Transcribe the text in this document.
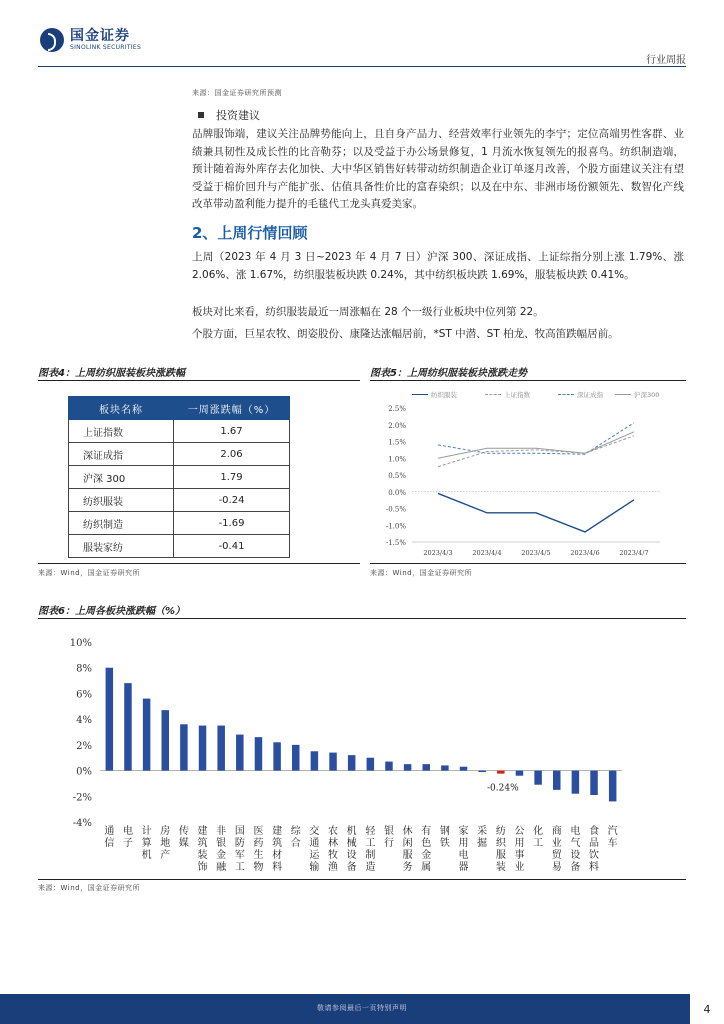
国金证券
SINOLINK SECURITIES
行业周报
来源：国金证券研究所预测
投资建议
品牌服饰端，建议关注品牌势能向上，且自身产品力、经营效率行业领先的李宁；定位高端男性客群、业绩兼具韧性及成长性的比音勒芬；以及受益于办公场景修复，1 月流水恢复领先的报喜鸟。纺织制造端，预计随着海外库存去化加快、大中华区销售好转带动纺织制造企业订单逐月改善，个股方面建议关注有望受益于棉价回升与产能扩张、估值具备性价比的富春染织；以及在中东、非洲市场份额领先、数智化产线改革带动盈利能力提升的毛毯代工龙头真爱美家。
2、上周行情回顾
上周（2023 年 4 月 3 日~2023 年 4 月 7 日）沪深 300、深证成指、上证综指分别上涨 1.79%、涨 2.06%、涨 1.67%，纺织服装板块跌 0.24%，其中纺织板块跌 1.69%，服装板块跌 0.41%。
板块对比来看，纺织服装最近一周涨幅在 28 个一级行业板块中位列第 22。
个股方面，巨星农牧、朗姿股份、康隆达涨幅居前，*ST 中潜、ST 柏龙、牧高笛跌幅居前。
图表4：上周纺织服装板块涨跌幅
板块名称	一周涨跌幅（%）
上证指数	1.67
深证成指	2.06
沪深 300	1.79
纺织服装	-0.24
纺织制造	-1.69
服装家纺	-0.41
来源：Wind，国金证券研究所
图表5：上周纺织服装板块涨跌走势
纺织服装	上证指数	深证成指	沪深300
2.5%
2.0%
1.5%
1.0%
0.5%
0.0%
-0.5%
-1.0%
-1.5%
2023/4/3	2023/4/4	2023/4/5	2023/4/6	2023/4/7
来源：Wind，国金证券研究所
图表6：上周各板块涨跌幅（%）
10%
8%
6%
4%
2%
0%
-2%
-4%
通
信
电
子
计
算
机
房
地
产
传
媒
建
筑
装
饰
非
银
金
融
国
防
军
工
医
药
生
物
建
筑
材
料
综
合
交
通
运
输
农
林
牧
渔
机
械
设
备
轻
工
制
造
银
行
休
闲
服
务
有
色
金
属
钢
铁
家
用
电
器
采
掘
纺
织
服
装
-0.24%
公
用
事
业
化
工
商
业
贸
易
电
气
设
备
食
品
饮
料
汽
车
来源：Wind，国金证券研究所
敬请参阅最后一页特别声明	4
